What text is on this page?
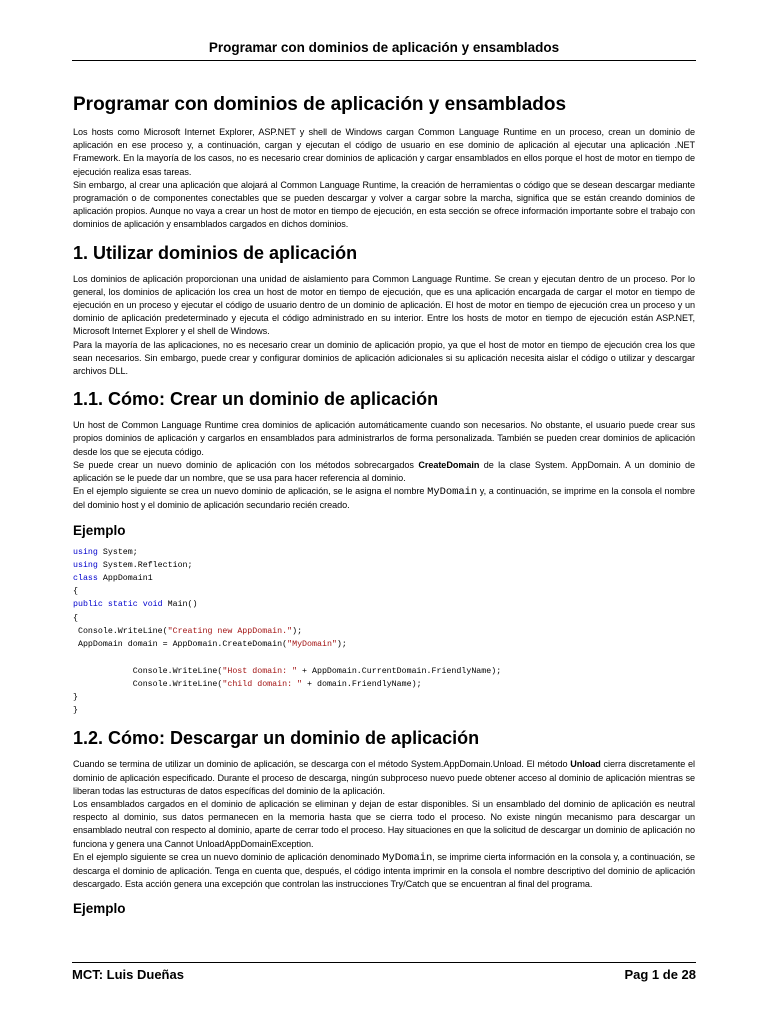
Programar con dominios de aplicación y ensamblados
Programar con dominios de aplicación y ensamblados

Los hosts como Microsoft Internet Explorer, ASP.NET y shell de Windows cargan Common Language Runtime en un proceso, crean un dominio de aplicación en ese proceso y, a continuación, cargan y ejecutan el código de usuario en ese dominio de aplicación al ejecutar una aplicación .NET Framework. En la mayoría de los casos, no es necesario crear dominios de aplicación y cargar ensamblados en ellos porque el host de motor en tiempo de ejecución realiza esas tareas.

Sin embargo, al crear una aplicación que alojará al Common Language Runtime, la creación de herramientas o código que se desean descargar mediante programación o de componentes conectables que se pueden descargar y volver a cargar sobre la marcha, significa que se están creando dominios de aplicación propios. Aunque no vaya a crear un host de motor en tiempo de ejecución, en esta sección se ofrece información importante sobre el trabajo con dominios de aplicación y ensamblados cargados en dichos dominios.

1. Utilizar dominios de aplicación

Los dominios de aplicación proporcionan una unidad de aislamiento para Common Language Runtime. Se crean y ejecutan dentro de un proceso. Por lo general, los dominios de aplicación los crea un host de motor en tiempo de ejecución, que es una aplicación encargada de cargar el motor en tiempo de ejecución en un proceso y ejecutar el código de usuario dentro de un dominio de aplicación. El host de motor en tiempo de ejecución crea un proceso y un dominio de aplicación predeterminado y ejecuta el código administrado en su interior. Entre los hosts de motor en tiempo de ejecución están ASP.NET, Microsoft Internet Explorer y el shell de Windows.

Para la mayoría de las aplicaciones, no es necesario crear un dominio de aplicación propio, ya que el host de motor en tiempo de ejecución crea los que sean necesarios. Sin embargo, puede crear y configurar dominios de aplicación adicionales si su aplicación necesita aislar el código o utilizar y descargar archivos DLL.

1.1. Cómo: Crear un dominio de aplicación

Un host de Common Language Runtime crea dominios de aplicación automáticamente cuando son necesarios. No obstante, el usuario puede crear sus propios dominios de aplicación y cargarlos en ensamblados para administrarlos de forma personalizada. También se pueden crear dominios de aplicación desde los que se ejecuta código.

Se puede crear un nuevo dominio de aplicación con los métodos sobrecargados CreateDomain de la clase System. AppDomain. A un dominio de aplicación se le puede dar un nombre, que se usa para hacer referencia al dominio.

En el ejemplo siguiente se crea un nuevo dominio de aplicación, se le asigna el nombre MyDomain y, a continuación, se imprime en la consola el nombre del dominio host y el dominio de aplicación secundario recién creado.

Ejemplo
using System;
using System.Reflection;
class AppDomain1
{
public static void Main()
{
Console.WriteLine("Creating new AppDomain.");
AppDomain domain = AppDomain.CreateDomain("MyDomain");

Console.WriteLine("Host domain: " + AppDomain.CurrentDomain.FriendlyName);
Console.WriteLine("child domain: " + domain.FriendlyName);
}
}
1.2. Cómo: Descargar un dominio de aplicación

Cuando se termina de utilizar un dominio de aplicación, se descarga con el método System.AppDomain.Unload. El método Unload cierra discretamente el dominio de aplicación especificado. Durante el proceso de descarga, ningún subproceso nuevo puede obtener acceso al dominio de aplicación mientras se liberan todas las estructuras de datos específicas del dominio de la aplicación.

Los ensamblados cargados en el dominio de aplicación se eliminan y dejan de estar disponibles. Si un ensamblado del dominio de aplicación es neutral respecto al dominio, sus datos permanecen en la memoria hasta que se cierra todo el proceso. No existe ningún mecanismo para descargar un ensamblado neutral con respecto al dominio, aparte de cerrar todo el proceso. Hay situaciones en que la solicitud de descargar un dominio de aplicación no funciona y genera una Cannot UnloadAppDomainException.

En el ejemplo siguiente se crea un nuevo dominio de aplicación denominado MyDomain, se imprime cierta información en la consola y, a continuación, se descarga el dominio de aplicación. Tenga en cuenta que, después, el código intenta imprimir en la consola el nombre descriptivo del dominio de aplicación descargado. Esta acción genera una excepción que controlan las instrucciones Try/Catch que se encuentran al final del programa.

Ejemplo
MCT: Luis Dueñas	Pag 1 de 28
